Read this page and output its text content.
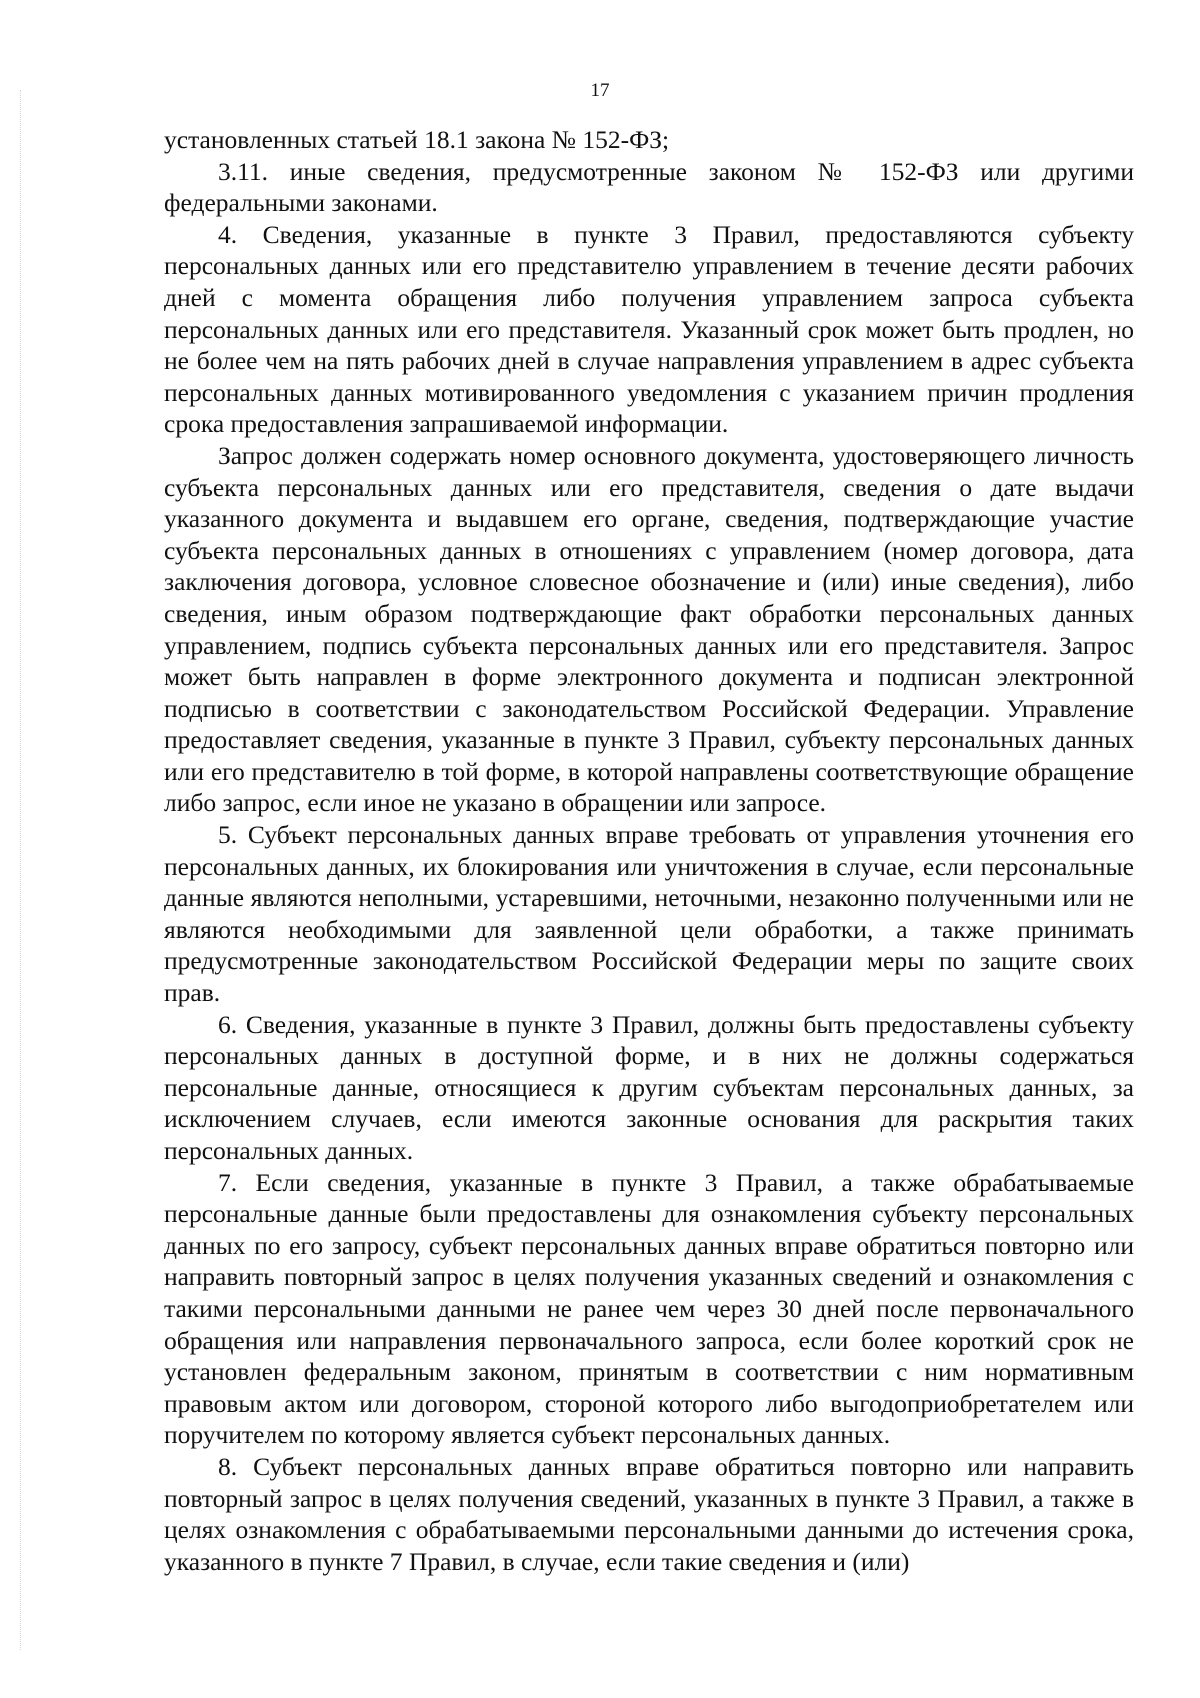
17

установленных статьей 18.1 закона № 152-ФЗ;

3.11. иные сведения, предусмотренные законом № 152-ФЗ или другими федеральными законами.

4. Сведения, указанные в пункте 3 Правил, предоставляются субъекту персональных данных или его представителю управлением в течение десяти рабочих дней с момента обращения либо получения управлением запроса субъекта персональных данных или его представителя. Указанный срок может быть продлен, но не более чем на пять рабочих дней в случае направления управлением в адрес субъекта персональных данных мотивированного уведомления с указанием причин продления срока предоставления запрашиваемой информации.

Запрос должен содержать номер основного документа, удостоверяющего личность субъекта персональных данных или его представителя, сведения о дате выдачи указанного документа и выдавшем его органе, сведения, подтверждающие участие субъекта персональных данных в отношениях с управлением (номер договора, дата заключения договора, условное словесное обозначение и (или) иные сведения), либо сведения, иным образом подтверждающие факт обработки персональных данных управлением, подпись субъекта персональных данных или его представителя. Запрос может быть направлен в форме электронного документа и подписан электронной подписью в соответствии с законодательством Российской Федерации. Управление предоставляет сведения, указанные в пункте 3 Правил, субъекту персональных данных или его представителю в той форме, в которой направлены соответствующие обращение либо запрос, если иное не указано в обращении или запросе.

5. Субъект персональных данных вправе требовать от управления уточнения его персональных данных, их блокирования или уничтожения в случае, если персональные данные являются неполными, устаревшими, неточными, незаконно полученными или не являются необходимыми для заявленной цели обработки, а также принимать предусмотренные законодательством Российской Федерации меры по защите своих прав.

6. Сведения, указанные в пункте 3 Правил, должны быть предоставлены субъекту персональных данных в доступной форме, и в них не должны содержаться персональные данные, относящиеся к другим субъектам персональных данных, за исключением случаев, если имеются законные основания для раскрытия таких персональных данных.

7. Если сведения, указанные в пункте 3 Правил, а также обрабатываемые персональные данные были предоставлены для ознакомления субъекту персональных данных по его запросу, субъект персональных данных вправе обратиться повторно или направить повторный запрос в целях получения указанных сведений и ознакомления с такими персональными данными не ранее чем через 30 дней после первоначального обращения или направления первоначального запроса, если более короткий срок не установлен федеральным законом, принятым в соответствии с ним нормативным правовым актом или договором, стороной которого либо выгодоприобретателем или поручителем по которому является субъект персональных данных.

8. Субъект персональных данных вправе обратиться повторно или направить повторный запрос в целях получения сведений, указанных в пункте 3 Правил, а также в целях ознакомления с обрабатываемыми персональными данными до истечения срока, указанного в пункте 7 Правил, в случае, если такие сведения и (или)
